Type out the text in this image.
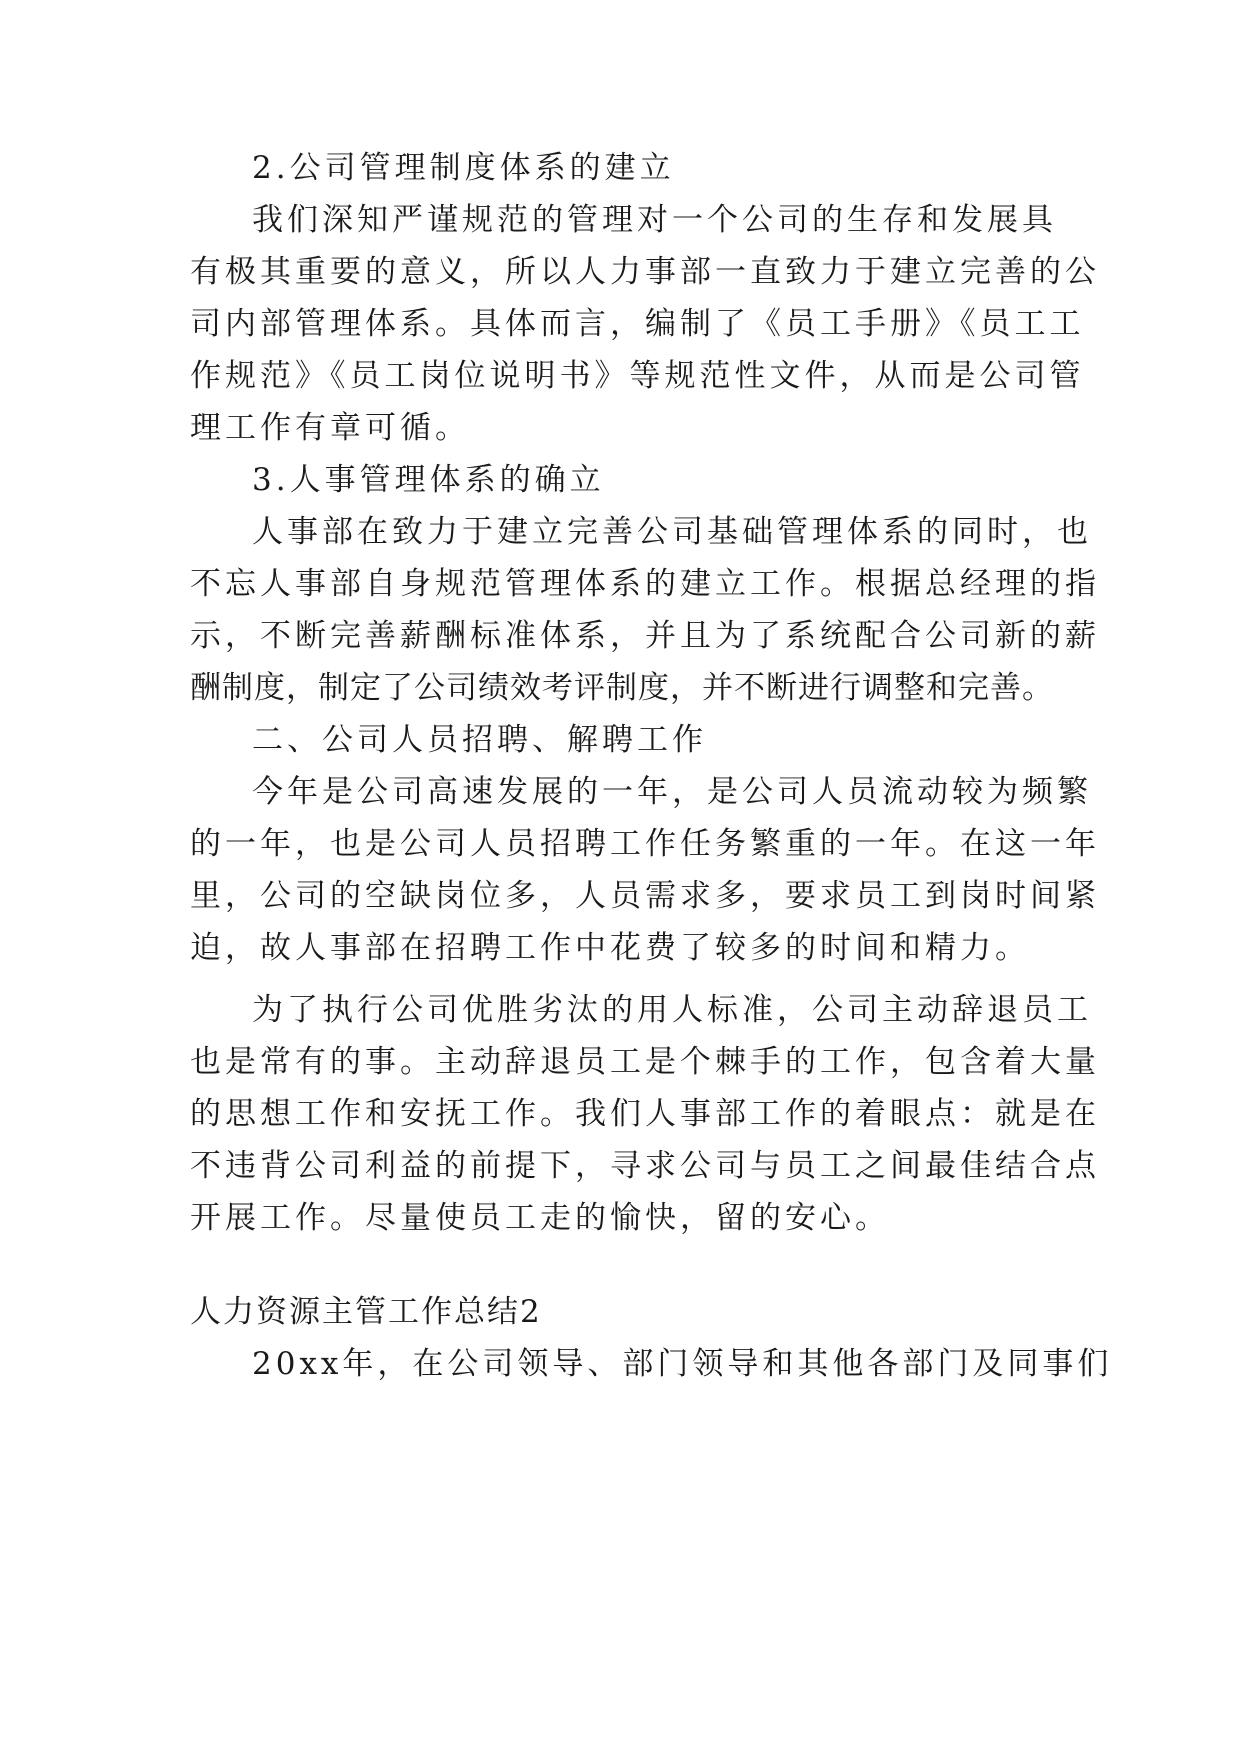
2.公司管理制度体系的建立
我们深知严谨规范的管理对一个公司的生存和发展具
有极其重要的意义，所以人力事部一直致力于建立完善的公
司内部管理体系。具体而言，编制了《员工手册》《员工工
作规范》《员工岗位说明书》等规范性文件，从而是公司管
理工作有章可循。
3.人事管理体系的确立
人事部在致力于建立完善公司基础管理体系的同时，也
不忘人事部自身规范管理体系的建立工作。根据总经理的指
示，不断完善薪酬标准体系，并且为了系统配合公司新的薪
酬制度，制定了公司绩效考评制度，并不断进行调整和完善。
二、公司人员招聘、解聘工作
今年是公司高速发展的一年，是公司人员流动较为频繁
的一年，也是公司人员招聘工作任务繁重的一年。在这一年
里，公司的空缺岗位多，人员需求多，要求员工到岗时间紧
迫，故人事部在招聘工作中花费了较多的时间和精力。
为了执行公司优胜劣汰的用人标准，公司主动辞退员工
也是常有的事。主动辞退员工是个棘手的工作，包含着大量
的思想工作和安抚工作。我们人事部工作的着眼点：就是在
不违背公司利益的前提下，寻求公司与员工之间最佳结合点
开展工作。尽量使员工走的愉快，留的安心。
人力资源主管工作总结2
20xx年，在公司领导、部门领导和其他各部门及同事们
